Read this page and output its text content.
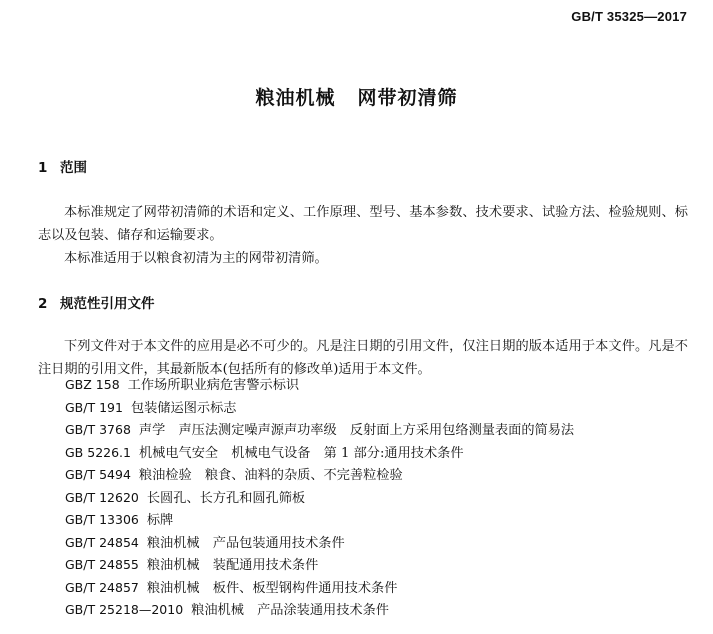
GB/T 35325—2017
粮油机械 网带初清筛
1 范围
本标准规定了网带初清筛的术语和定义、工作原理、型号、基本参数、技术要求、试验方法、检验规则、标志以及包装、储存和运输要求。
本标准适用于以粮食初清为主的网带初清筛。
2 规范性引用文件
下列文件对于本文件的应用是必不可少的。凡是注日期的引用文件，仅注日期的版本适用于本文件。凡是不注日期的引用文件，其最新版本(包括所有的修改单)适用于本文件。
GBZ 158 工作场所职业病危害警示标识
GB/T 191 包装储运图示标志
GB/T 3768 声学　声压法测定噪声源声功率级　反射面上方采用包络测量表面的简易法
GB 5226.1 机械电气安全　机械电气设备　第 1 部分:通用技术条件
GB/T 5494 粮油检验　粮食、油料的杂质、不完善粒检验
GB/T 12620 长圆孔、长方孔和圆孔筛板
GB/T 13306 标牌
GB/T 24854 粮油机械　产品包装通用技术条件
GB/T 24855 粮油机械　装配通用技术条件
GB/T 24857 粮油机械　板件、板型钢构件通用技术条件
GB/T 25218—2010 粮油机械　产品涂装通用技术条件
